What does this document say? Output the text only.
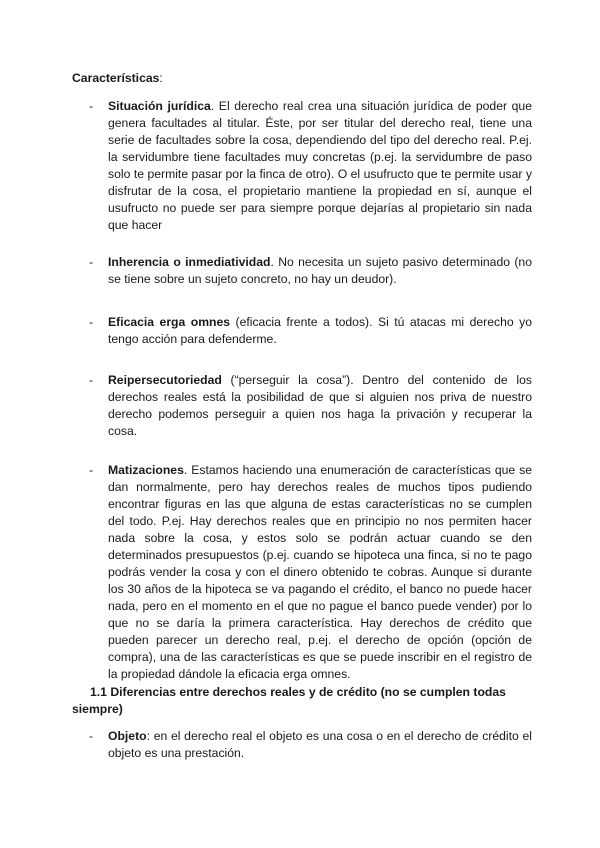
Características:
-	Situación jurídica. El derecho real crea una situación jurídica de poder que genera facultades al titular. Éste, por ser titular del derecho real, tiene una serie de facultades sobre la cosa, dependiendo del tipo del derecho real. P.ej. la servidumbre tiene facultades muy concretas (p.ej. la servidumbre de paso solo te permite pasar por la finca de otro). O el usufructo que te permite usar y disfrutar de la cosa, el propietario mantiene la propiedad en sí, aunque el usufructo no puede ser para siempre porque dejarías al propietario sin nada que hacer
-	Inherencia o inmediatividad. No necesita un sujeto pasivo determinado (no se tiene sobre un sujeto concreto, no hay un deudor).
-	Eficacia erga omnes (eficacia frente a todos). Si tú atacas mi derecho yo tengo acción para defenderme.
-	Reipersecutoriedad (“perseguir la cosa”). Dentro del contenido de los derechos reales está la posibilidad de que si alguien nos priva de nuestro derecho podemos perseguir a quien nos haga la privación y recuperar la cosa.
-	Matizaciones. Estamos haciendo una enumeración de características que se dan normalmente, pero hay derechos reales de muchos tipos pudiendo encontrar figuras en las que alguna de estas características no se cumplen del todo. P.ej. Hay derechos reales que en principio no nos permiten hacer nada sobre la cosa, y estos solo se podrán actuar cuando se den determinados presupuestos (p.ej. cuando se hipoteca una finca, si no te pago podrás vender la cosa y con el dinero obtenido te cobras. Aunque si durante los 30 años de la hipoteca se va pagando el crédito, el banco no puede hacer nada, pero en el momento en el que no pague el banco puede vender) por lo que no se daría la primera característica. Hay derechos de crédito que pueden parecer un derecho real, p.ej. el derecho de opción (opción de compra), una de las características es que se puede inscribir en el registro de la propiedad dándole la eficacia erga omnes.
1.1 Diferencias entre derechos reales y de crédito (no se cumplen todas siempre)
-	Objeto: en el derecho real el objeto es una cosa o en el derecho de crédito el objeto es una prestación.
